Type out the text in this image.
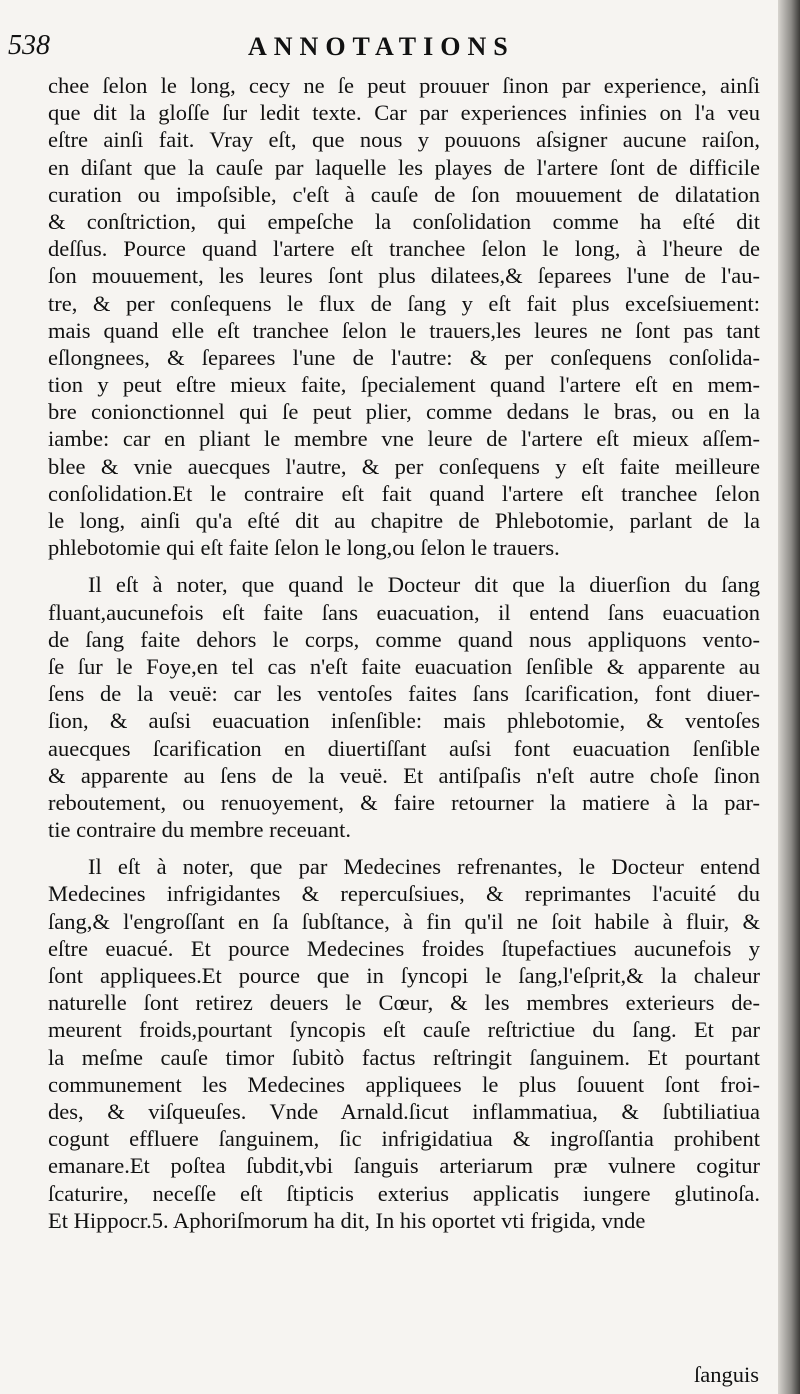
538	ANNOTATIONS
chee ſelon le long, cecy ne ſe peut prouuer ſinon par experience, ainſi
que dit la gloſſe ſur ledit texte. Car par experiences infinies on l'a veu
eſtre ainſi fait. Vray eſt, que nous y pouuons aſsigner aucune raiſon,
en diſant que la cauſe par laquelle les playes de l'artere ſont de difficile
curation ou impoſsible, c'eſt à cauſe de ſon mouuement de dilatation
& conſtriction, qui empeſche la conſolidation comme ha eſté dit
deſſus. Pource quand l'artere eſt tranchee ſelon le long, à l'heure de
ſon mouuement, les leures ſont plus dilatees,& ſeparees l'une de l'au-
tre, & per conſequens le flux de ſang y eſt fait plus exceſsiuement:
mais quand elle eſt tranchee ſelon le trauers,les leures ne ſont pas tant
eſlongnees, & ſeparees l'une de l'autre: & per conſequens conſolida-
tion y peut eſtre mieux faite, ſpecialement quand l'artere eſt en mem-
bre conionctionnel qui ſe peut plier, comme dedans le bras, ou en la
iambe: car en pliant le membre vne leure de l'artere eſt mieux aſſem-
blee & vnie auecques l'autre, & per conſequens y eſt faite meilleure
conſolidation.Et le contraire eſt fait quand l'artere eſt tranchee ſelon
le long, ainſi qu'a eſté dit au chapitre de Phlebotomie, parlant de la
phlebotomie qui eſt faite ſelon le long,ou ſelon le trauers.
Il eſt à noter, que quand le Docteur dit que la diuerſion du ſang
fluant,aucunefois eſt faite ſans euacuation, il entend ſans euacuation
de ſang faite dehors le corps, comme quand nous appliquons vento-
ſe ſur le Foye,en tel cas n'eſt faite euacuation ſenſible & apparente au
ſens de la veuë: car les ventoſes faites ſans ſcarification, font diuer-
ſion, & auſsi euacuation inſenſible: mais phlebotomie, & ventoſes
auecques ſcarification en diuertiſſant auſsi font euacuation ſenſible
& apparente au ſens de la veuë. Et antiſpaſis n'eſt autre choſe ſinon
reboutement, ou renuoyement, & faire retourner la matiere à la par-
tie contraire du membre receuant.
Il eſt à noter, que par Medecines refrenantes, le Docteur entend
Medecines infrigidantes & repercuſsiues, & reprimantes l'acuité du
ſang,& l'engroſſant en ſa ſubſtance, à fin qu'il ne ſoit habile à fluir, &
eſtre euacué. Et pource Medecines froides ſtupefactiues aucunefois y
ſont appliquees.Et pource que in ſyncopi le ſang,l'eſprit,& la chaleur
naturelle ſont retirez deuers le Cœur, & les membres exterieurs de-
meurent froids,pourtant ſyncopis eſt cauſe reſtrictiue du ſang. Et par
la meſme cauſe timor ſubitò factus reſtringit ſanguinem. Et pourtant
communement les Medecines appliquees le plus ſouuent ſont froi-
des, & viſqueuſes. Vnde Arnald.ſicut inflammatiua, & ſubtiliatiua
cogunt effluere ſanguinem, ſic infrigidatiua & ingroſſantia prohibent
emanare.Et poſtea ſubdit,vbi ſanguis arteriarum præ vulnere cogitur
ſcaturire, neceſſe eſt ſtipticis exterius applicatis iungere glutinoſa.
Et Hippocr.5. Aphoriſmorum ha dit, In his oportet vti frigida, vnde
ſanguis
